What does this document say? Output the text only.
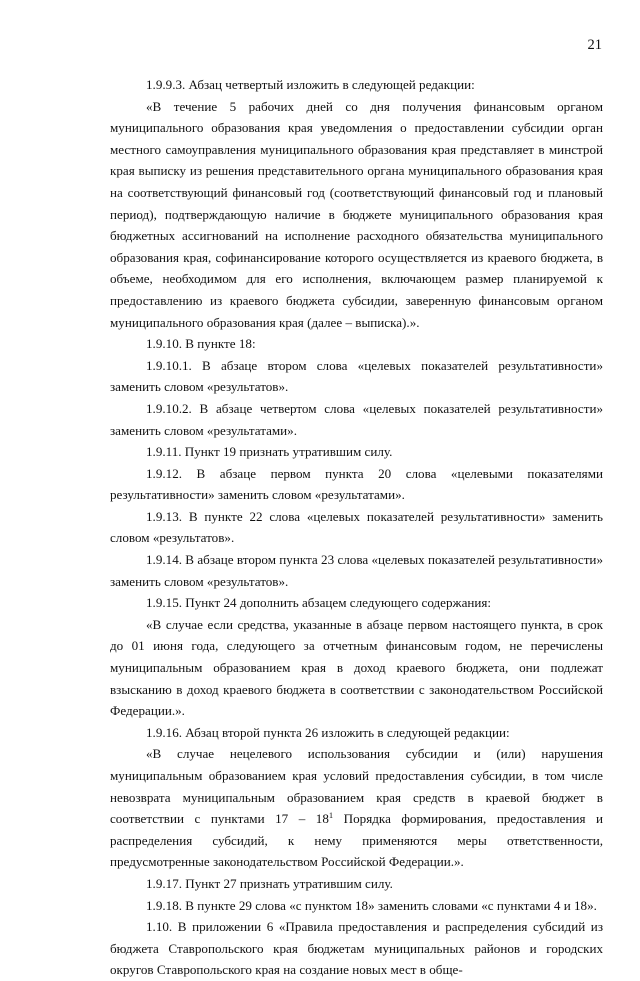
21

1.9.9.3. Абзац четвертый изложить в следующей редакции:

«В течение 5 рабочих дней со дня получения финансовым органом муниципального образования края уведомления о предоставлении субсидии орган местного самоуправления муниципального образования края представляет в минстрой края выписку из решения представительного органа муниципального образования края на соответствующий финансовый год (соответствующий финансовый год и плановый период), подтверждающую наличие в бюджете муниципального образования края бюджетных ассигнований на исполнение расходного обязательства муниципального образования края, софинансирование которого осуществляется из краевого бюджета, в объеме, необходимом для его исполнения, включающем размер планируемой к предоставлению из краевого бюджета субсидии, заверенную финансовым органом муниципального образования края (далее – выписка).».

1.9.10. В пункте 18:

1.9.10.1. В абзаце втором слова «целевых показателей результативности» заменить словом «результатов».

1.9.10.2. В абзаце четвертом слова «целевых показателей результативности» заменить словом «результатами».

1.9.11. Пункт 19 признать утратившим силу.

1.9.12. В абзаце первом пункта 20 слова «целевыми показателями результативности» заменить словом «результатами».

1.9.13. В пункте 22 слова «целевых показателей результативности» заменить словом «результатов».

1.9.14. В абзаце втором пункта 23 слова «целевых показателей результативности» заменить словом «результатов».

1.9.15. Пункт 24 дополнить абзацем следующего содержания:

«В случае если средства, указанные в абзаце первом настоящего пункта, в срок до 01 июня года, следующего за отчетным финансовым годом, не перечислены муниципальным образованием края в доход краевого бюджета, они подлежат взысканию в доход краевого бюджета в соответствии с законодательством Российской Федерации.».

1.9.16. Абзац второй пункта 26 изложить в следующей редакции:

«В случае нецелевого использования субсидии и (или) нарушения муниципальным образованием края условий предоставления субсидии, в том числе невозврата муниципальным образованием края средств в краевой бюджет в соответствии с пунктами $17 - 18^1$ Порядка формирования, предоставления и распределения субсидий, к нему применяются меры ответственности, предусмотренные законодательством Российской Федерации.».

1.9.17. Пункт 27 признать утратившим силу.

1.9.18. В пункте 29 слова «с пунктом 18» заменить словами «с пунктами 4 и 18».

1.10. В приложении 6 «Правила предоставления и распределения субсидий из бюджета Ставропольского края бюджетам муниципальных районов и городских округов Ставропольского края на создание новых мест в обще-
